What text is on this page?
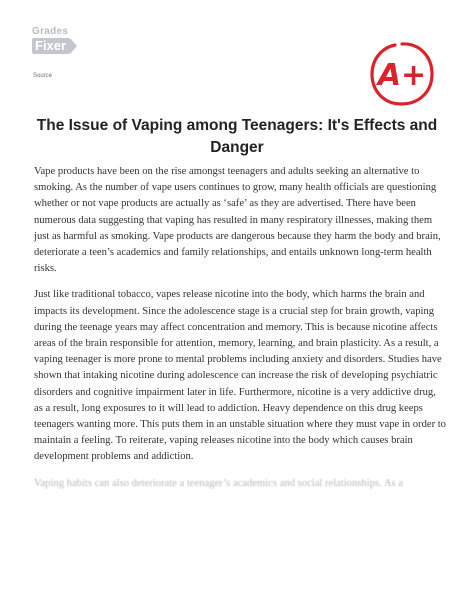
Grades
Fixer
Source	A+
The Issue of Vaping among Teenagers: It's Effects and Danger

Vape products have been on the rise amongst teenagers and adults seeking an alternative to smoking. As the number of vape users continues to grow, many health officials are questioning whether or not vape products are actually as ‘safe’ as they are advertised. There have been numerous data suggesting that vaping has resulted in many respiratory illnesses, making them just as harmful as smoking. Vape products are dangerous because they harm the body and brain, deteriorate a teen’s academics and family relationships, and entails unknown long-term health risks.

Just like traditional tobacco, vapes release nicotine into the body, which harms the brain and impacts its development. Since the adolescence stage is a crucial step for brain growth, vaping during the teenage years may affect concentration and memory. This is because nicotine affects areas of the brain responsible for attention, memory, learning, and brain plasticity. As a result, a vaping teenager is more prone to mental problems including anxiety and disorders. Studies have shown that intaking nicotine during adolescence can increase the risk of developing psychiatric disorders and cognitive impairment later in life. Furthermore, nicotine is a very addictive drug, as a result, long exposures to it will lead to addiction. Heavy dependence on this drug keeps teenagers wanting more. This puts them in an unstable situation where they must vape in order to maintain a feeling. To reiterate, vaping releases nicotine into the body which causes brain development problems and addiction.

Vaping habits can also deteriorate a teenager’s academics and social relationships. As a
